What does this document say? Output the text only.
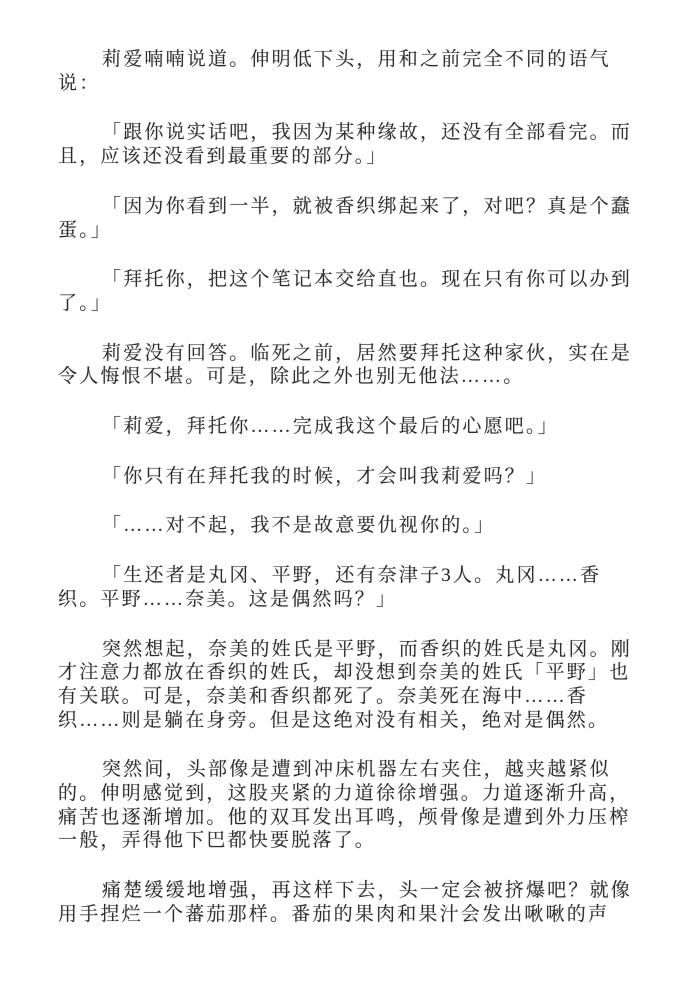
莉爱喃喃说道。伸明低下头，用和之前完全不同的语气说：

「跟你说实话吧，我因为某种缘故，还没有全部看完。而且，应该还没看到最重要的部分。」

「因为你看到一半，就被香织绑起来了，对吧？真是个蠢蛋。」

「拜托你，把这个笔记本交给直也。现在只有你可以办到了。」

莉爱没有回答。临死之前，居然要拜托这种家伙，实在是令人悔恨不堪。可是，除此之外也别无他法……。

「莉爱，拜托你……完成我这个最后的心愿吧。」

「你只有在拜托我的时候，才会叫我莉爱吗？」

「……对不起，我不是故意要仇视你的。」

「生还者是丸冈、平野，还有奈津子3人。丸冈……香织。平野……奈美。这是偶然吗？」

突然想起，奈美的姓氏是平野，而香织的姓氏是丸冈。刚才注意力都放在香织的姓氏，却没想到奈美的姓氏「平野」也有关联。可是，奈美和香织都死了。奈美死在海中……香织……则是躺在身旁。但是这绝对没有相关，绝对是偶然。

突然间，头部像是遭到冲床机器左右夹住，越夹越紧似的。伸明感觉到，这股夹紧的力道徐徐增强。力道逐渐升高，痛苦也逐渐增加。他的双耳发出耳鸣，颅骨像是遭到外力压榨一般，弄得他下巴都快要脱落了。

痛楚缓缓地增强，再这样下去，头一定会被挤爆吧？就像用手捏烂一个蕃茄那样。番茄的果肉和果汁会发出啾啾的声
